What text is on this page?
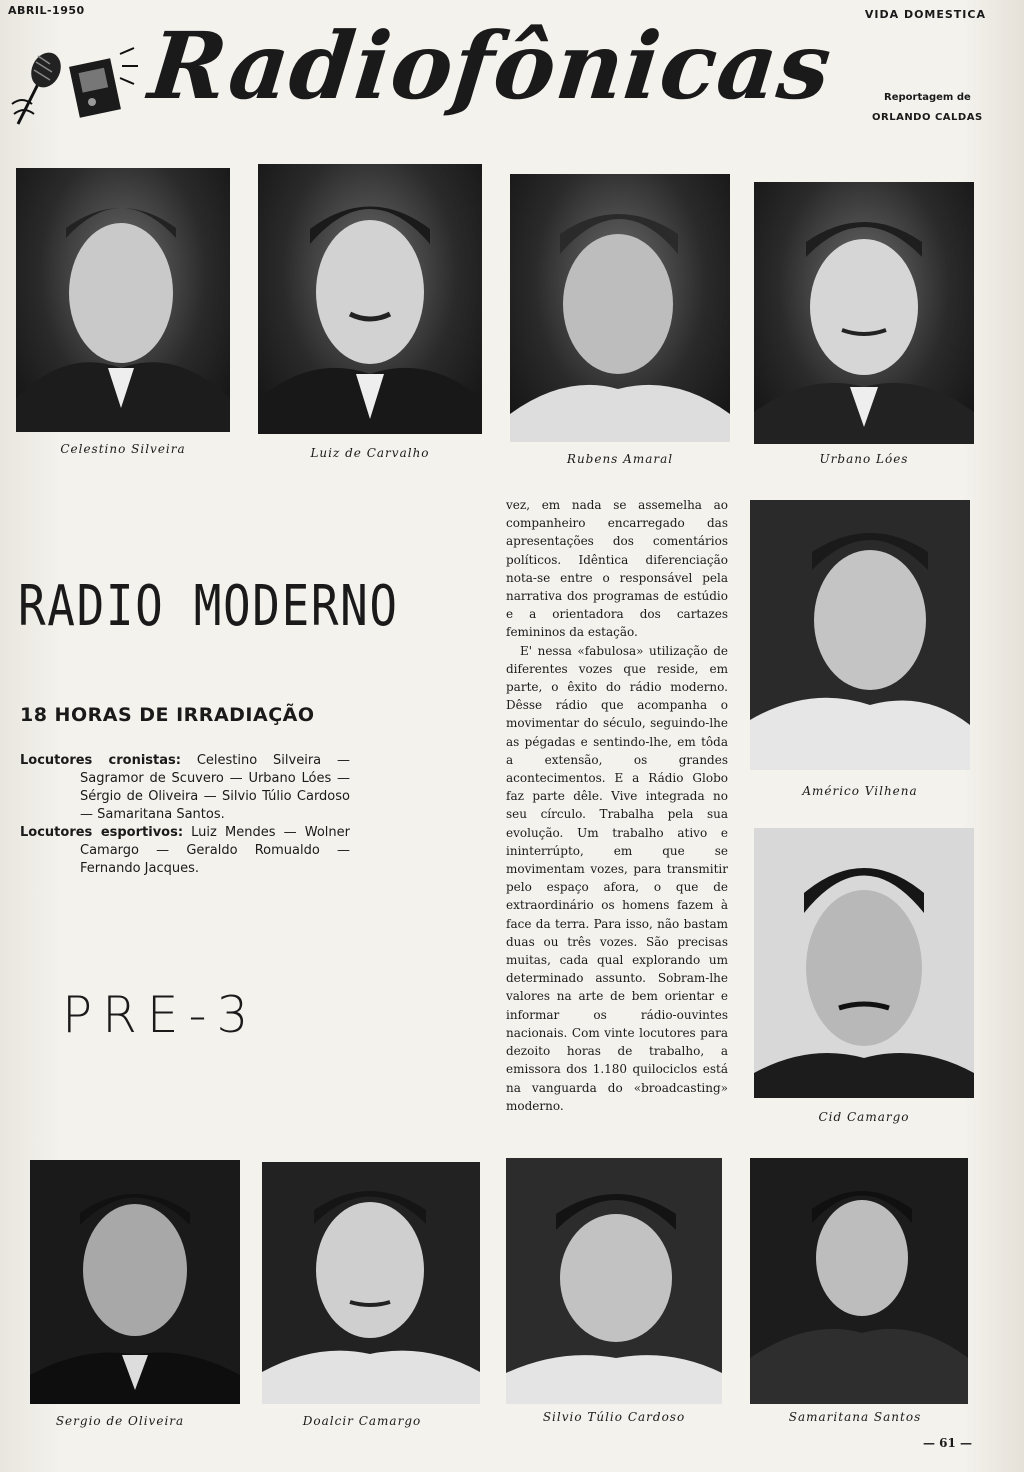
ABRIL-1950	VIDA DOMESTICA
Radiofônicas	Reportagem de
ORLANDO CALDAS
Celestino Silveira	Luiz de Carvalho	Rubens Amaral	Urbano Lóes
RADIO MODERNO
18 HORAS DE IRRADIAÇÃO

Locutores cronistas: Celestino Silveira — Sagramor de Scuvero — Urbano Lóes — Sérgio de Oliveira — Silvio Túlio Cardoso — Samaritana Santos.

Locutores esportivos: Luiz Mendes — Wolner Camargo — Geraldo Romualdo — Fernando Jacques.

PRE-3

vez, em nada se assemelha ao companheiro encarregado das apresentações dos comentários políticos. Idêntica diferenciação nota-se entre o responsável pela narrativa dos programas de estúdio e a orientadora dos cartazes femininos da estação.

E' nessa «fabulosa» utilização de diferentes vozes que reside, em parte, o êxito do rádio moderno. Dêsse rádio que acompanha o movimentar do século, seguindo-lhe as pégadas e sentindo-lhe, em tôda a extensão, os grandes acontecimentos. E a Rádio Globo faz parte dêle. Vive integrada no seu círculo. Trabalha pela sua evolução. Um trabalho ativo e ininterrúpto, em que se movimentam vozes, para transmitir pelo espaço afora, o que de extraordinário os homens fazem à face da terra. Para isso, não bastam duas ou três vozes. São precisas muitas, cada qual explorando um determinado assunto. Sobram-lhe valores na arte de bem orientar e informar os rádio-ouvintes nacionais. Com vinte locutores para dezoito horas de trabalho, a emissora dos 1.180 quilociclos está na vanguarda do «broadcasting» moderno.

Américo Vilhena
Cid Camargo
Sergio de Oliveira	Doalcir Camargo	Silvio Túlio Cardoso	Samaritana Santos
— 61 —
